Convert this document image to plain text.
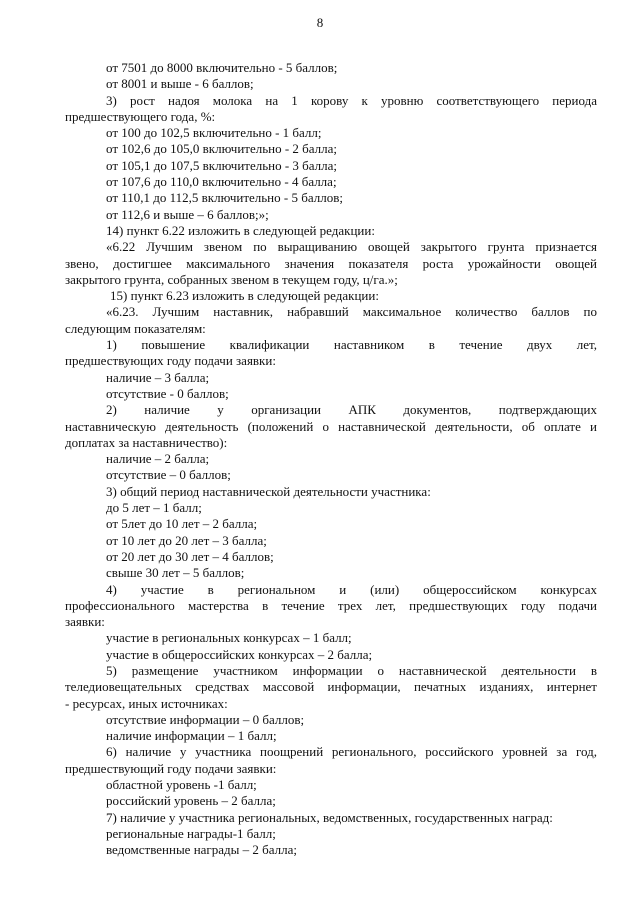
8
от 7501 до 8000 включительно - 5 баллов;
от 8001 и выше - 6 баллов;
3) рост надоя молока на 1 корову к уровню соответствующего периода
предшествующего года, %:
от 100 до 102,5 включительно - 1 балл;
от 102,6 до 105,0 включительно - 2 балла;
от 105,1 до 107,5 включительно - 3 балла;
от 107,6 до 110,0 включительно - 4 балла;
от 110,1 до 112,5 включительно - 5 баллов;
от 112,6 и выше – 6 баллов;»;
14) пункт 6.22 изложить в следующей редакции:
«6.22 Лучшим звеном по выращиванию овощей закрытого грунта признается
звено, достигшее максимального значения показателя роста урожайности овощей
закрытого грунта, собранных звеном в текущем году, ц/га.»;
15) пункт 6.23 изложить в следующей редакции:
«6.23. Лучшим наставник, набравший максимальное количество баллов по
следующим показателям:
1) повышение квалификации наставником в течение двух лет,
предшествующих году подачи заявки:
наличие – 3 балла;
отсутствие - 0 баллов;
2) наличие у организации АПК документов, подтверждающих
наставническую деятельность (положений о наставнической деятельности, об оплате и
доплатах за наставничество):
наличие – 2 балла;
отсутствие – 0 баллов;
3) общий период наставнической деятельности участника:
до 5 лет – 1 балл;
от 5лет до 10 лет – 2 балла;
от 10 лет до 20 лет – 3 балла;
от 20 лет до 30 лет – 4 баллов;
свыше 30 лет – 5 баллов;
4) участие в региональном и (или) общероссийском конкурсах
профессионального мастерства в течение трех лет, предшествующих году подачи
заявки:
участие в региональных конкурсах – 1 балл;
участие в общероссийских конкурсах – 2 балла;
5) размещение участником информации о наставнической деятельности в
теледиовещательных средствах массовой информации, печатных изданиях, интернет
- ресурсах, иных источниках:
отсутствие информации – 0 баллов;
наличие информации – 1 балл;
6) наличие у участника поощрений регионального, российского уровней за год,
предшествующий году подачи заявки:
областной уровень -1 балл;
российский уровень – 2 балла;
7) наличие у участника региональных, ведомственных, государственных наград:
региональные награды-1 балл;
ведомственные награды – 2 балла;
